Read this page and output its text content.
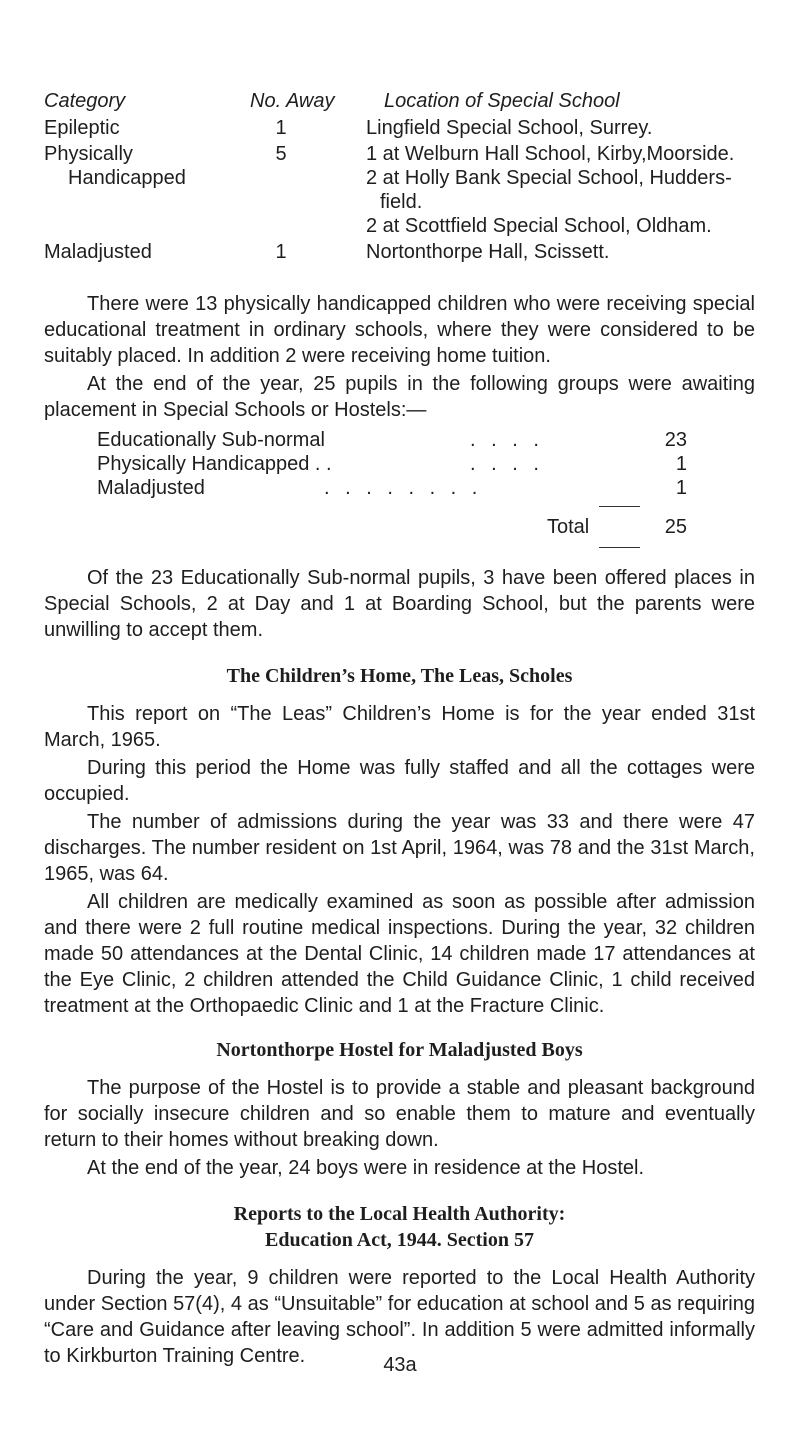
Category	No. Away	Location of Special School
Epileptic	1	Lingfield Special School, Surrey.
Physically
Handicapped
5	1 at Welburn Hall School, Kirby,Moorside.
2 at Holly Bank Special School, Hudders-
field.
2 at Scottfield Special School, Oldham.
Maladjusted	1	Nortonthorpe Hall, Scissett.

There were 13 physically handicapped children who were receiving special educational treatment in ordinary schools, where they were considered to be suitably placed. In addition 2 were receiving home tuition.

At the end of the year, 25 pupils in the following groups were awaiting placement in Special Schools or Hostels:—

Educationally Sub-normal	. . . .	23
Physically Handicapped . .	. . . .	1
Maladjusted	. . . . . . . .	1
Total	25

Of the 23 Educationally Sub-normal pupils, 3 have been offered places in Special Schools, 2 at Day and 1 at Boarding School, but the parents were unwilling to accept them.

The Children’s Home, The Leas, Scholes

This report on “The Leas” Children’s Home is for the year ended 31st March, 1965.

During this period the Home was fully staffed and all the cottages were occupied.

The number of admissions during the year was 33 and there were 47 discharges. The number resident on 1st April, 1964, was 78 and the 31st March, 1965, was 64.

All children are medically examined as soon as possible after admission and there were 2 full routine medical inspections. During the year, 32 children made 50 attendances at the Dental Clinic, 14 children made 17 attendances at the Eye Clinic, 2 children attended the Child Guidance Clinic, 1 child received treatment at the Orthopaedic Clinic and 1 at the Fracture Clinic.

Nortonthorpe Hostel for Maladjusted Boys

The purpose of the Hostel is to provide a stable and pleasant background for socially insecure children and so enable them to mature and eventually return to their homes without breaking down.

At the end of the year, 24 boys were in residence at the Hostel.

Reports to the Local Health Authority:
Education Act, 1944. Section 57

During the year, 9 children were reported to the Local Health Authority under Section 57(4), 4 as “Unsuitable” for education at school and 5 as requiring “Care and Guidance after leaving school”. In addition 5 were admitted informally to Kirkburton Training Centre.	43a
